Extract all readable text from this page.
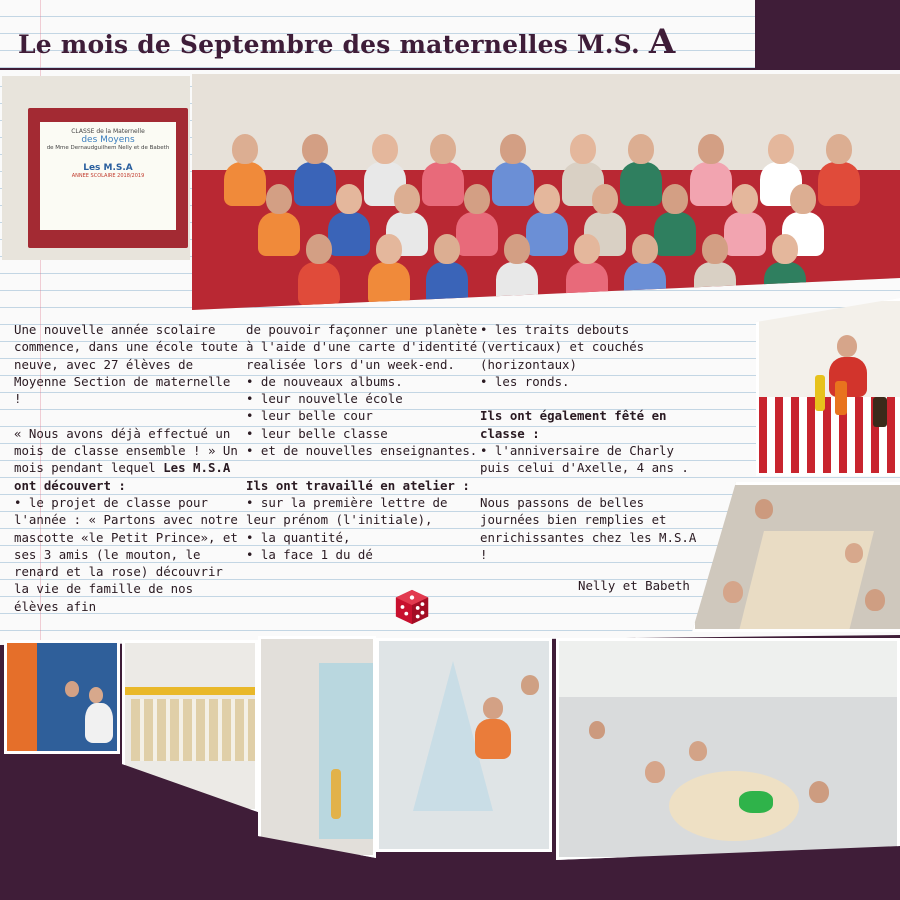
Le mois de Septembre des maternelles M.S. A
CLASSE de la Maternelle
des Moyens
de Mme Dernaudguilhem Nelly et de Babeth
Les M.S.A
ANNEE SCOLAIRE 2018/2019
Une nouvelle année scolaire commence, dans une école toute neuve, avec 27 élèves de Moyenne Section de maternelle !

« Nous avons déjà effectué un mois de classe ensemble ! » Un mois pendant lequel Les M.S.A ont découvert :
• le projet de classe pour l'année : « Partons avec notre mascotte «le Petit Prince», et ses 3 amis (le mouton, le renard et la rose) découvrir la vie de famille de nos élèves afin
de pouvoir façonner une planète à l'aide d'une carte d'identité realisée lors d'un week-end.
• de nouveaux albums.
• leur nouvelle école
• leur belle cour
• leur belle classe
• et de nouvelles enseignantes.

Ils ont travaillé en atelier :
• sur la première lettre de leur prénom (l'initiale),
• la quantité,
• la face 1 du dé
• les traits debouts (verticaux) et couchés (horizontaux)
• les ronds.

Ils ont également fêté en classe :
• l'anniversaire de Charly puis celui d'Axelle, 4 ans .

Nous passons de belles journées bien remplies et enrichissantes chez les M.S.A !
Nelly et Babeth
